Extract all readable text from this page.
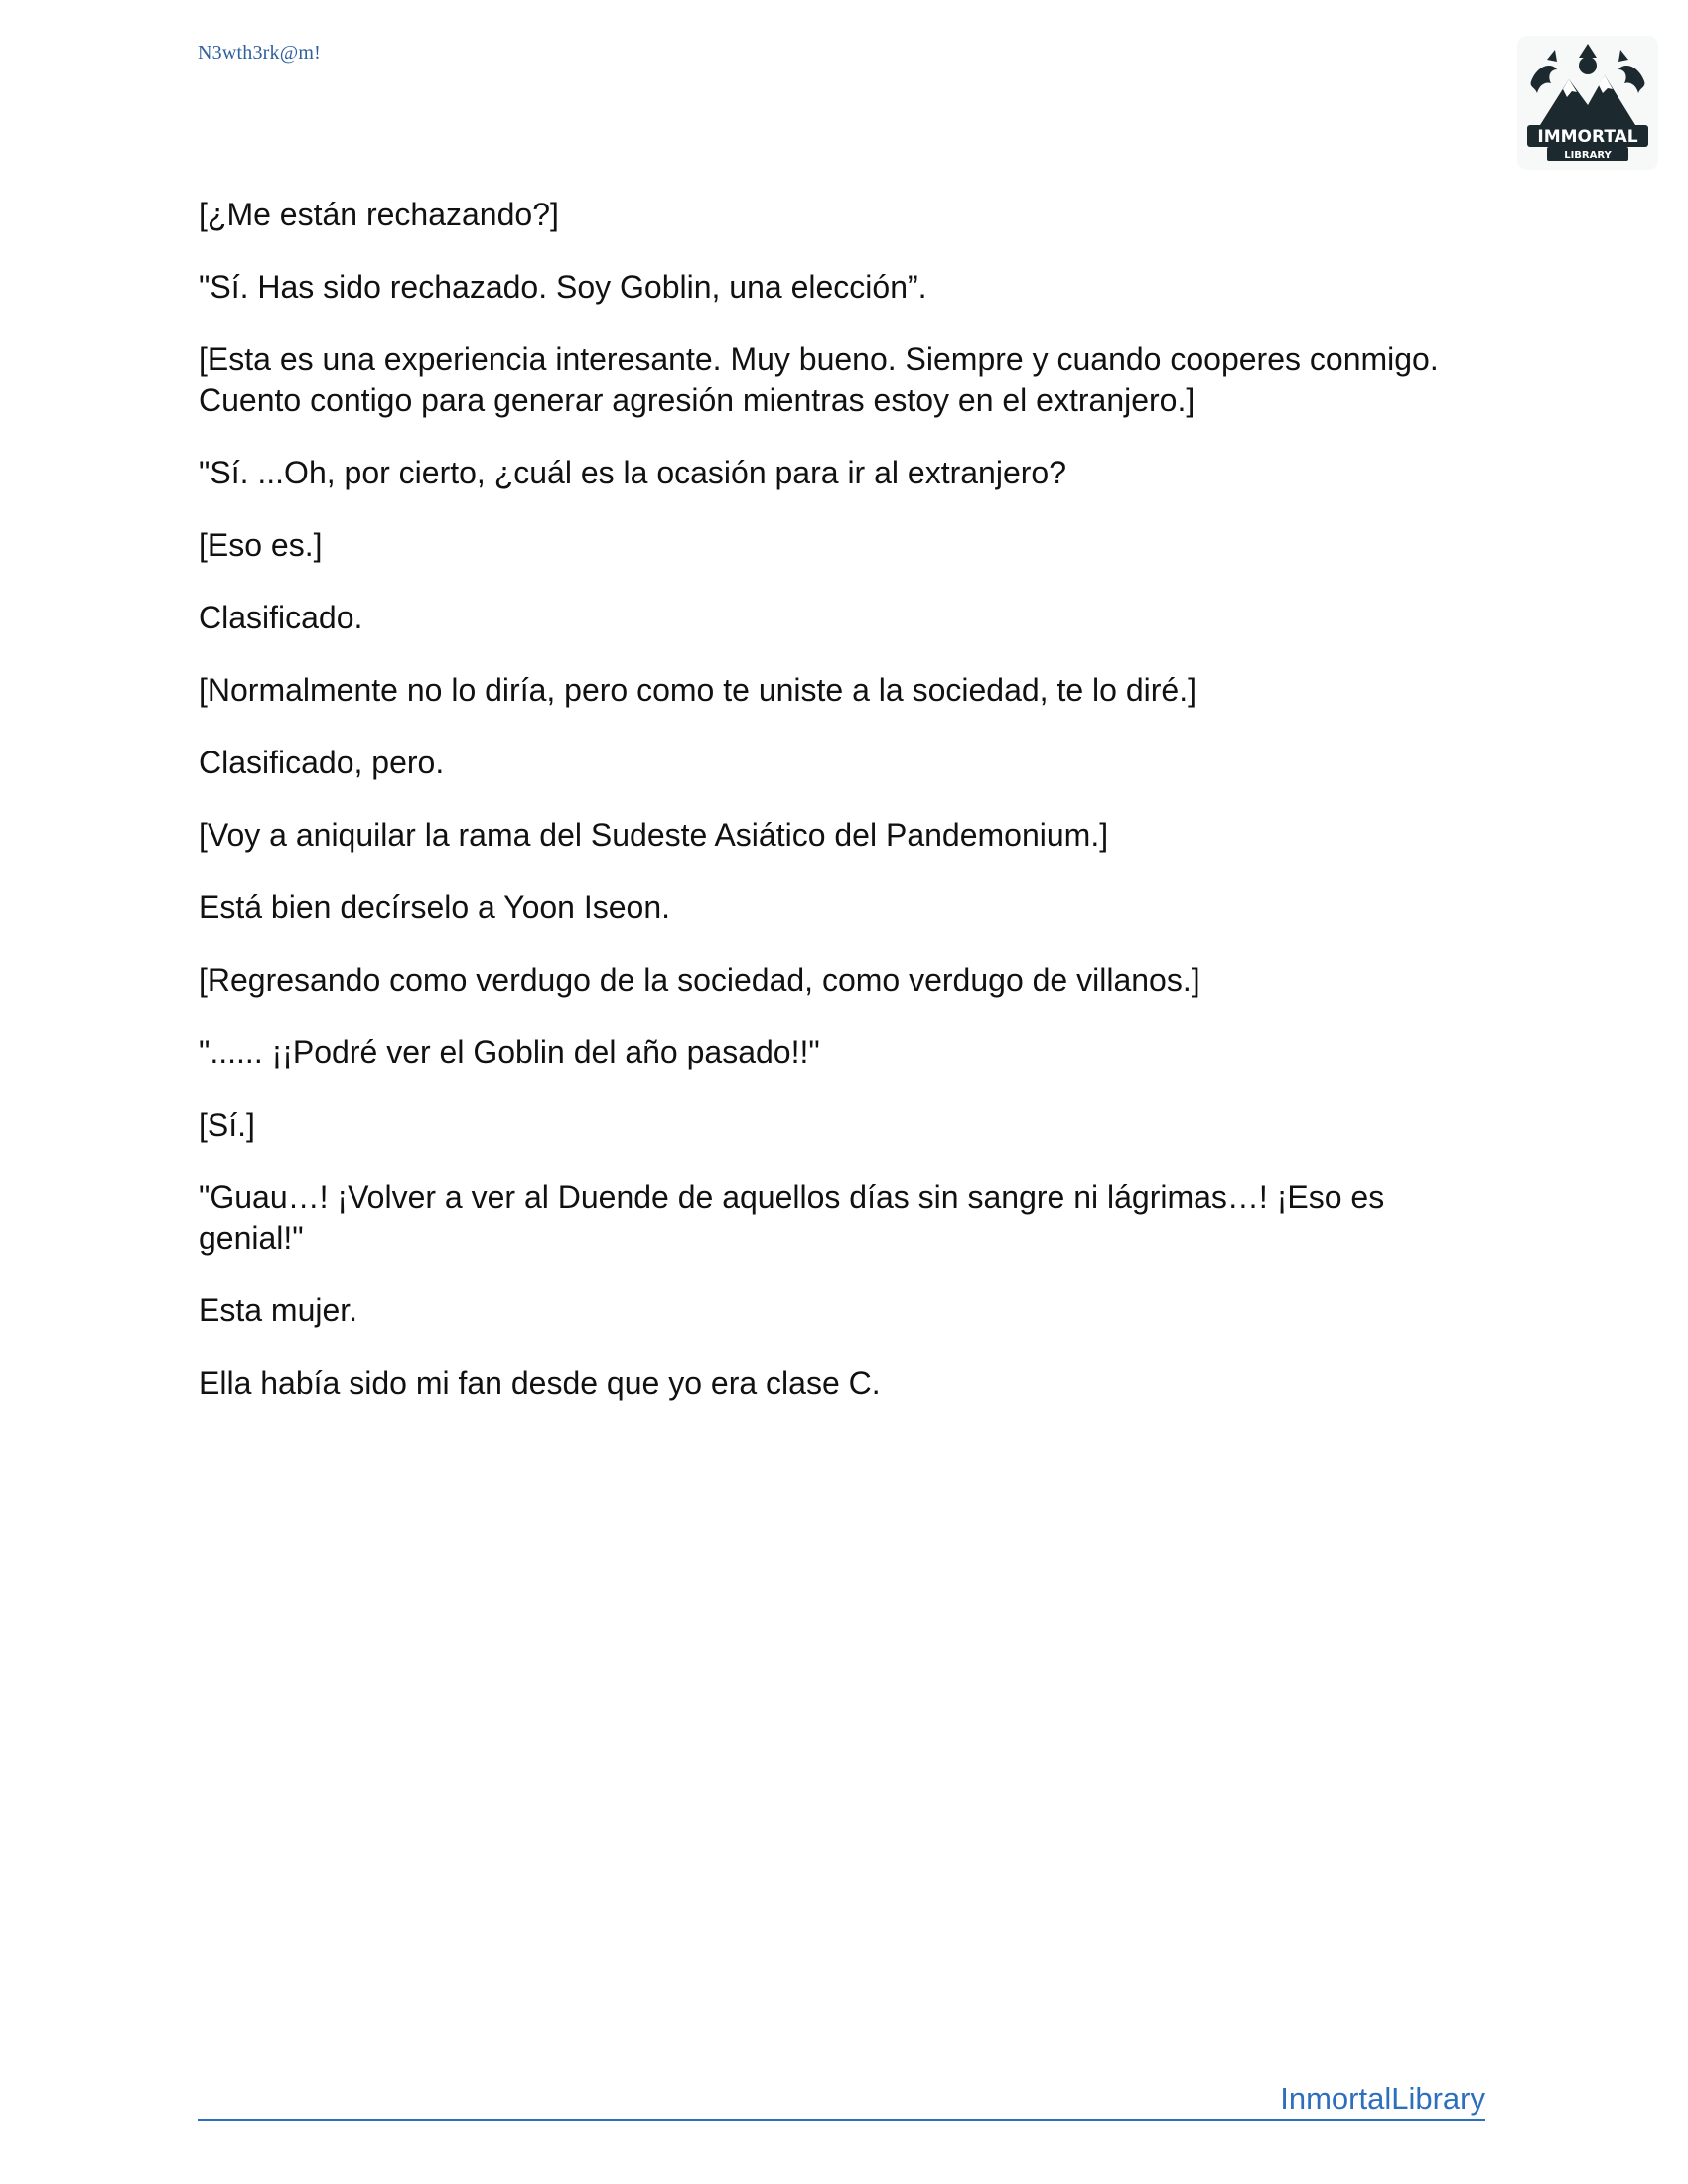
N3wth3rk@m!
IMMORTAL
LIBRARY

[¿Me están rechazando?]

"Sí. Has sido rechazado. Soy Goblin, una elección”.

[Esta es una experiencia interesante. Muy bueno. Siempre y cuando cooperes conmigo. Cuento contigo para generar agresión mientras estoy en el extranjero.]

"Sí. ...Oh, por cierto, ¿cuál es la ocasión para ir al extranjero?

[Eso es.]

Clasificado.

[Normalmente no lo diría, pero como te uniste a la sociedad, te lo diré.]

Clasificado, pero.

[Voy a aniquilar la rama del Sudeste Asiático del Pandemonium.]

Está bien decírselo a Yoon Iseon.

[Regresando como verdugo de la sociedad, como verdugo de villanos.]

"...... ¡¡Podré ver el Goblin del año pasado!!"

[Sí.]

"Guau…! ¡Volver a ver al Duende de aquellos días sin sangre ni lágrimas…! ¡Eso es genial!"

Esta mujer.

Ella había sido mi fan desde que yo era clase C.

InmortalLibrary
